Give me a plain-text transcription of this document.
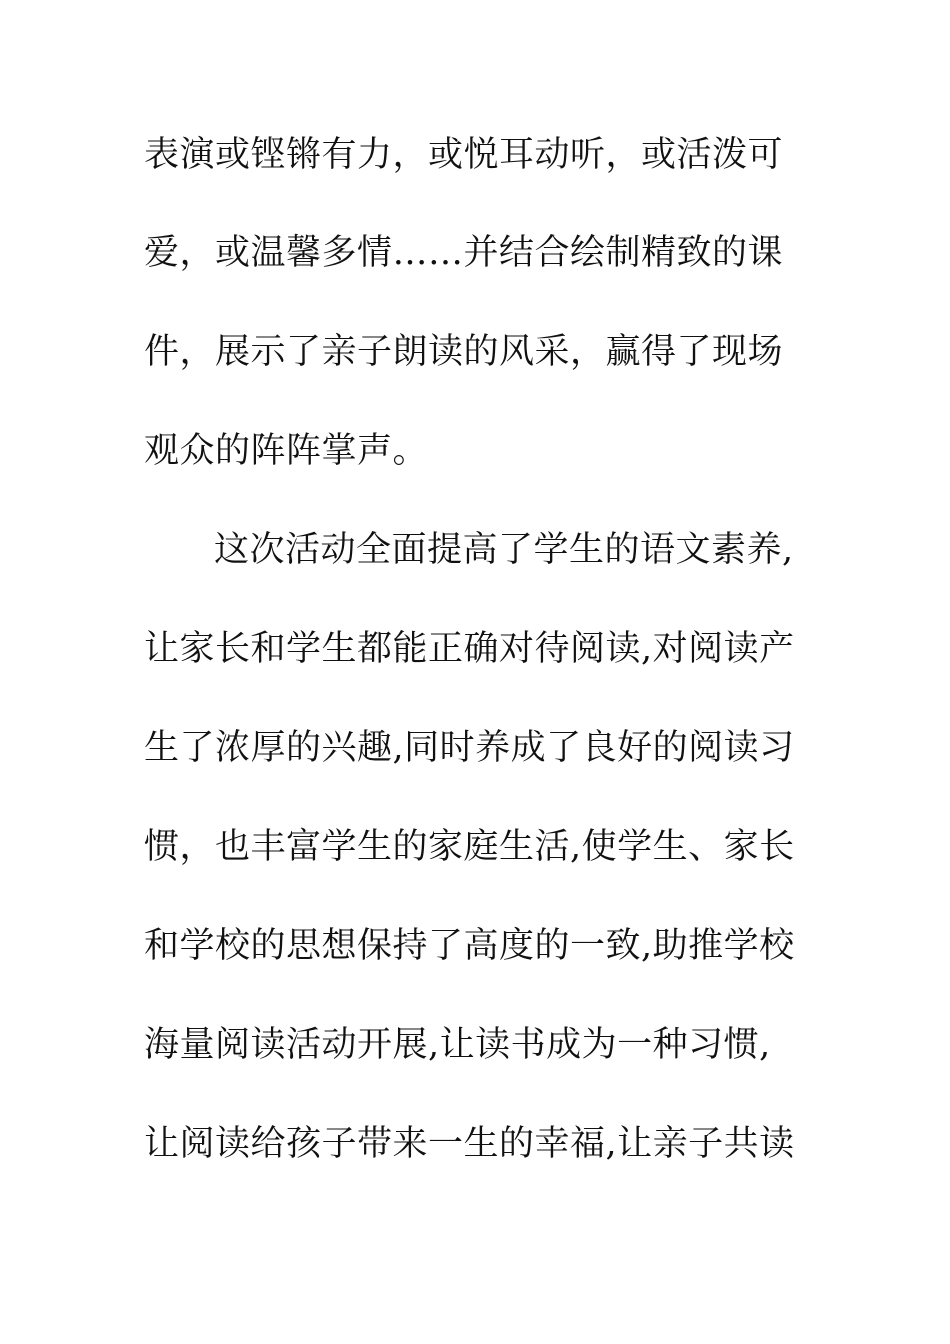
表演或铿锵有力，或悦耳动听，或活泼可
爱，或温馨多情……并结合绘制精致的课
件，展示了亲子朗读的风采，赢得了现场
观众的阵阵掌声。
这次活动全面提高了学生的语文素养,
让家长和学生都能正确对待阅读,对阅读产
生了浓厚的兴趣,同时养成了良好的阅读习
惯，也丰富学生的家庭生活,使学生、家长
和学校的思想保持了高度的一致,助推学校
海量阅读活动开展,让读书成为一种习惯,
让阅读给孩子带来一生的幸福,让亲子共读
